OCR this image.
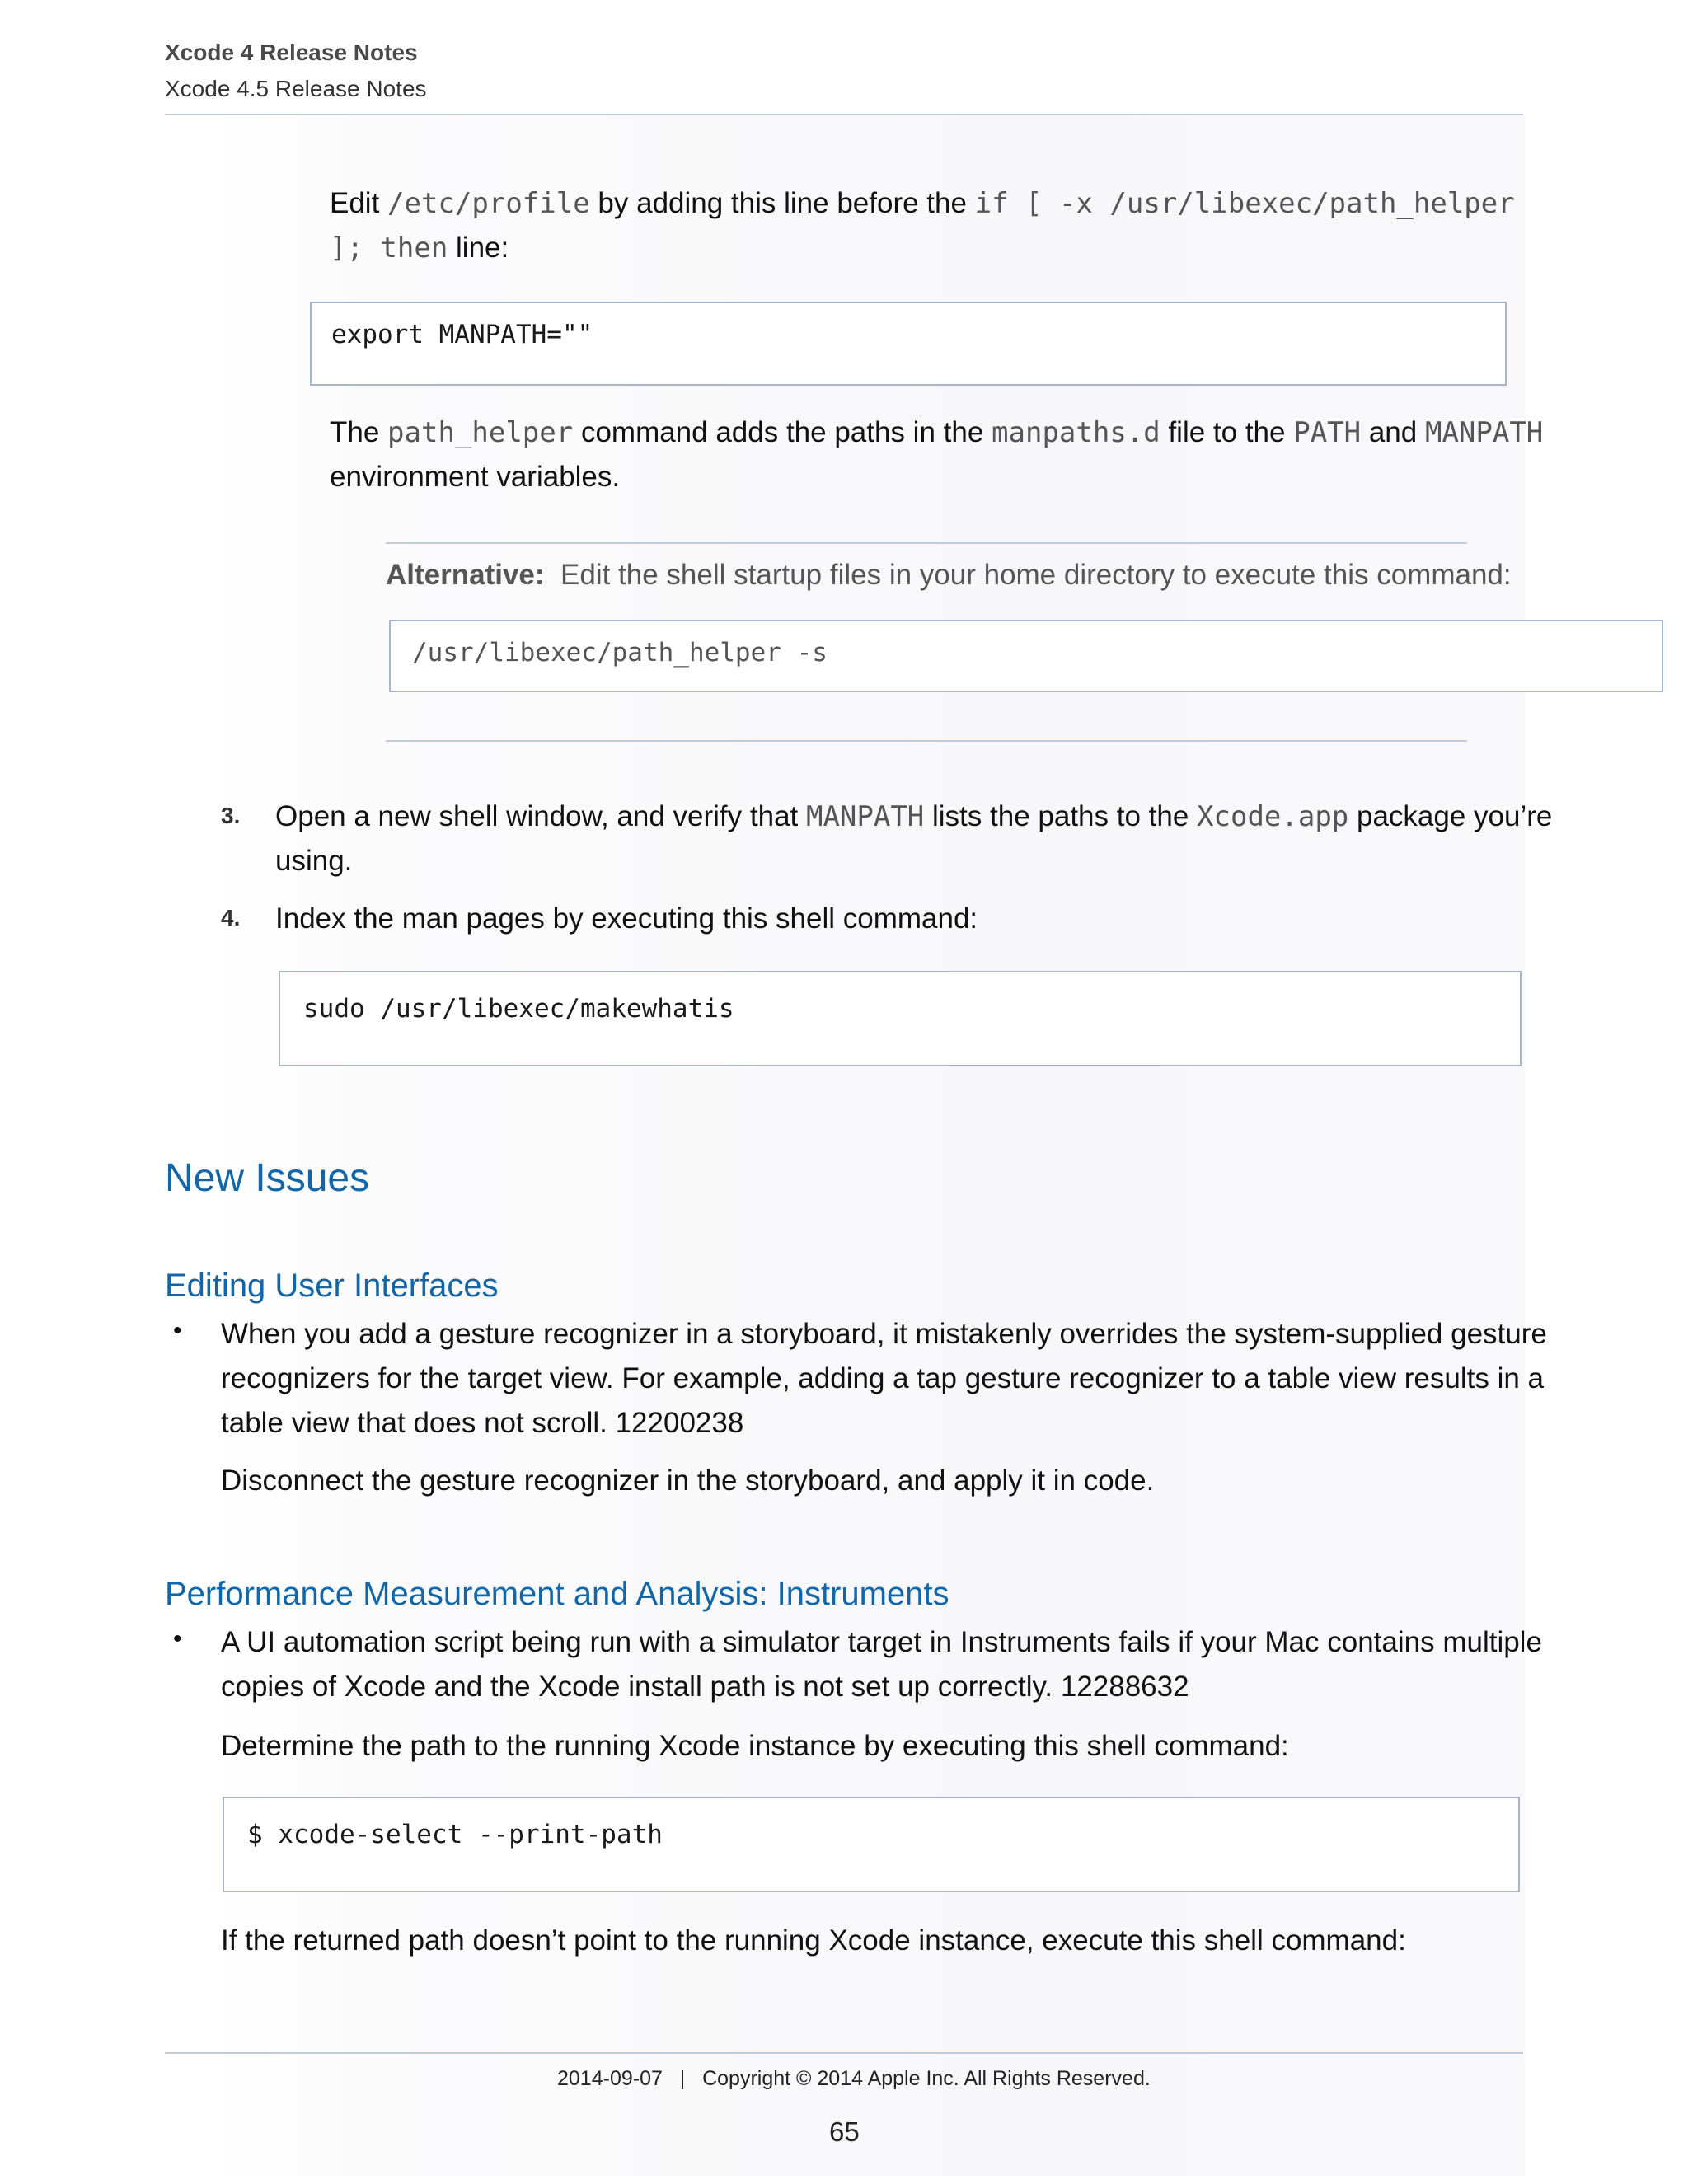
Xcode 4 Release Notes
Xcode 4.5 Release Notes
Edit /etc/profile by adding this line before the if [ -x /usr/libexec/path_helper
]; then line:
export MANPATH=""
The path_helper command adds the paths in the manpaths.d file to the PATH and MANPATH
environment variables.
Alternative: Edit the shell startup files in your home directory to execute this command:
/usr/libexec/path_helper -s
3. Open a new shell window, and verify that MANPATH lists the paths to the Xcode.app package you’re
using.
4. Index the man pages by executing this shell command:
sudo /usr/libexec/makewhatis
New Issues
Editing User Interfaces
• When you add a gesture recognizer in a storyboard, it mistakenly overrides the system-supplied gesture
recognizers for the target view. For example, adding a tap gesture recognizer to a table view results in a
table view that does not scroll. 12200238
Disconnect the gesture recognizer in the storyboard, and apply it in code.
Performance Measurement and Analysis: Instruments
• A UI automation script being run with a simulator target in Instruments fails if your Mac contains multiple
copies of Xcode and the Xcode install path is not set up correctly. 12288632
Determine the path to the running Xcode instance by executing this shell command:
$ xcode-select --print-path
If the returned path doesn’t point to the running Xcode instance, execute this shell command:
2014-09-07 | Copyright © 2014 Apple Inc. All Rights Reserved.
65
